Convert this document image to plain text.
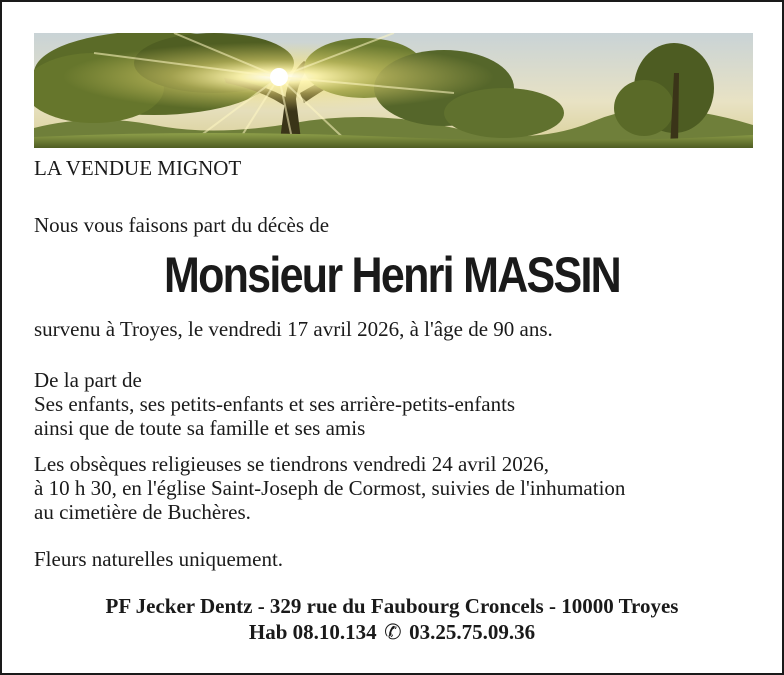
LA VENDUE MIGNOT

Nous vous faisons part du décès de

Monsieur Henri MASSIN

survenu à Troyes, le vendredi 17 avril 2026, à l'âge de 90 ans.

De la part de

Ses enfants, ses petits-enfants et ses arrière-petits-enfants

ainsi que de toute sa famille et ses amis

Les obsèques religieuses se tiendrons vendredi 24 avril 2026,

à 10 h 30, en l'église Saint-Joseph de Cormost, suivies de l'inhumation

au cimetière de Buchères.

Fleurs naturelles uniquement.

PF Jecker Dentz - 329 rue du Faubourg Croncels - 10000 Troyes

Hab 08.10.134 ✆ 03.25.75.09.36
